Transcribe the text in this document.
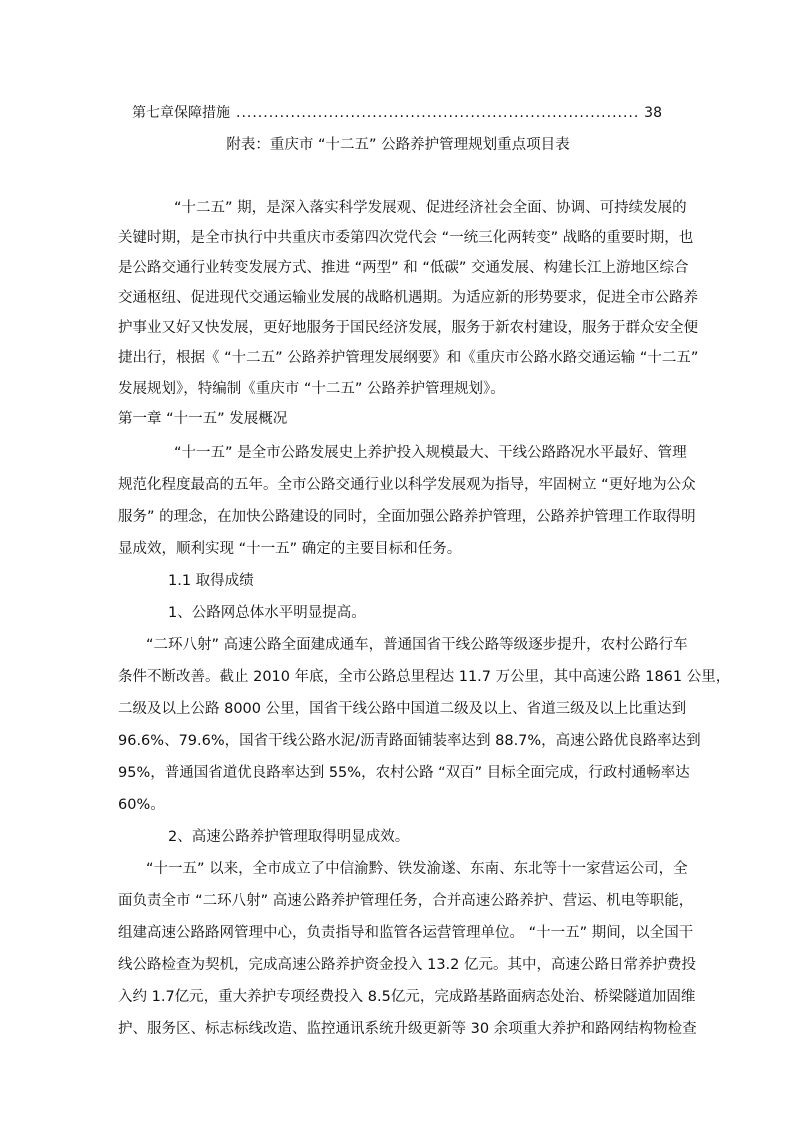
第七章保障措施 .......................................................................... 38
附表：重庆市 “十二五” 公路养护管理规划重点项目表
“十二五” 期，是深入落实科学发展观、促进经济社会全面、协调、可持续发展的
关键时期，是全市执行中共重庆市委第四次党代会 “一统三化两转变” 战略的重要时期，也
是公路交通行业转变发展方式、推进 “两型” 和 “低碳” 交通发展、构建长江上游地区综合
交通枢纽、促进现代交通运输业发展的战略机遇期。为适应新的形势要求，促进全市公路养
护事业又好又快发展，更好地服务于国民经济发展，服务于新农村建设，服务于群众安全便
捷出行，根据《 “十二五” 公路养护管理发展纲要》和《重庆市公路水路交通运输 “十二五”
发展规划》，特编制《重庆市 “十二五” 公路养护管理规划》。
第一章 “十一五” 发展概况
“十一五” 是全市公路发展史上养护投入规模最大、干线公路路况水平最好、管理
规范化程度最高的五年。全市公路交通行业以科学发展观为指导，牢固树立 “更好地为公众
服务” 的理念，在加快公路建设的同时，全面加强公路养护管理，公路养护管理工作取得明
显成效，顺利实现 “十一五” 确定的主要目标和任务。
1.1 取得成绩
1、公路网总体水平明显提高。
“二环八射” 高速公路全面建成通车，普通国省干线公路等级逐步提升，农村公路行车
条件不断改善。截止 2010 年底，全市公路总里程达 11.7 万公里，其中高速公路 1861 公里，
二级及以上公路 8000 公里，国省干线公路中国道二级及以上、省道三级及以上比重达到
96.6%、79.6%，国省干线公路水泥/沥青路面铺装率达到 88.7%，高速公路优良路率达到
95%，普通国省道优良路率达到 55%，农村公路 “双百” 目标全面完成，行政村通畅率达
60%。
2、高速公路养护管理取得明显成效。
“十一五” 以来，全市成立了中信渝黔、铁发渝遂、东南、东北等十一家营运公司，全
面负责全市 “二环八射” 高速公路养护管理任务，合并高速公路养护、营运、机电等职能，
组建高速公路路网管理中心，负责指导和监管各运营管理单位。 “十一五” 期间，以全国干
线公路检查为契机，完成高速公路养护资金投入 13.2 亿元。其中，高速公路日常养护费投
入约 1.7亿元，重大养护专项经费投入 8.5亿元，完成路基路面病态处治、桥梁隧道加固维
护、服务区、标志标线改造、监控通讯系统升级更新等 30 余项重大养护和路网结构物检查
